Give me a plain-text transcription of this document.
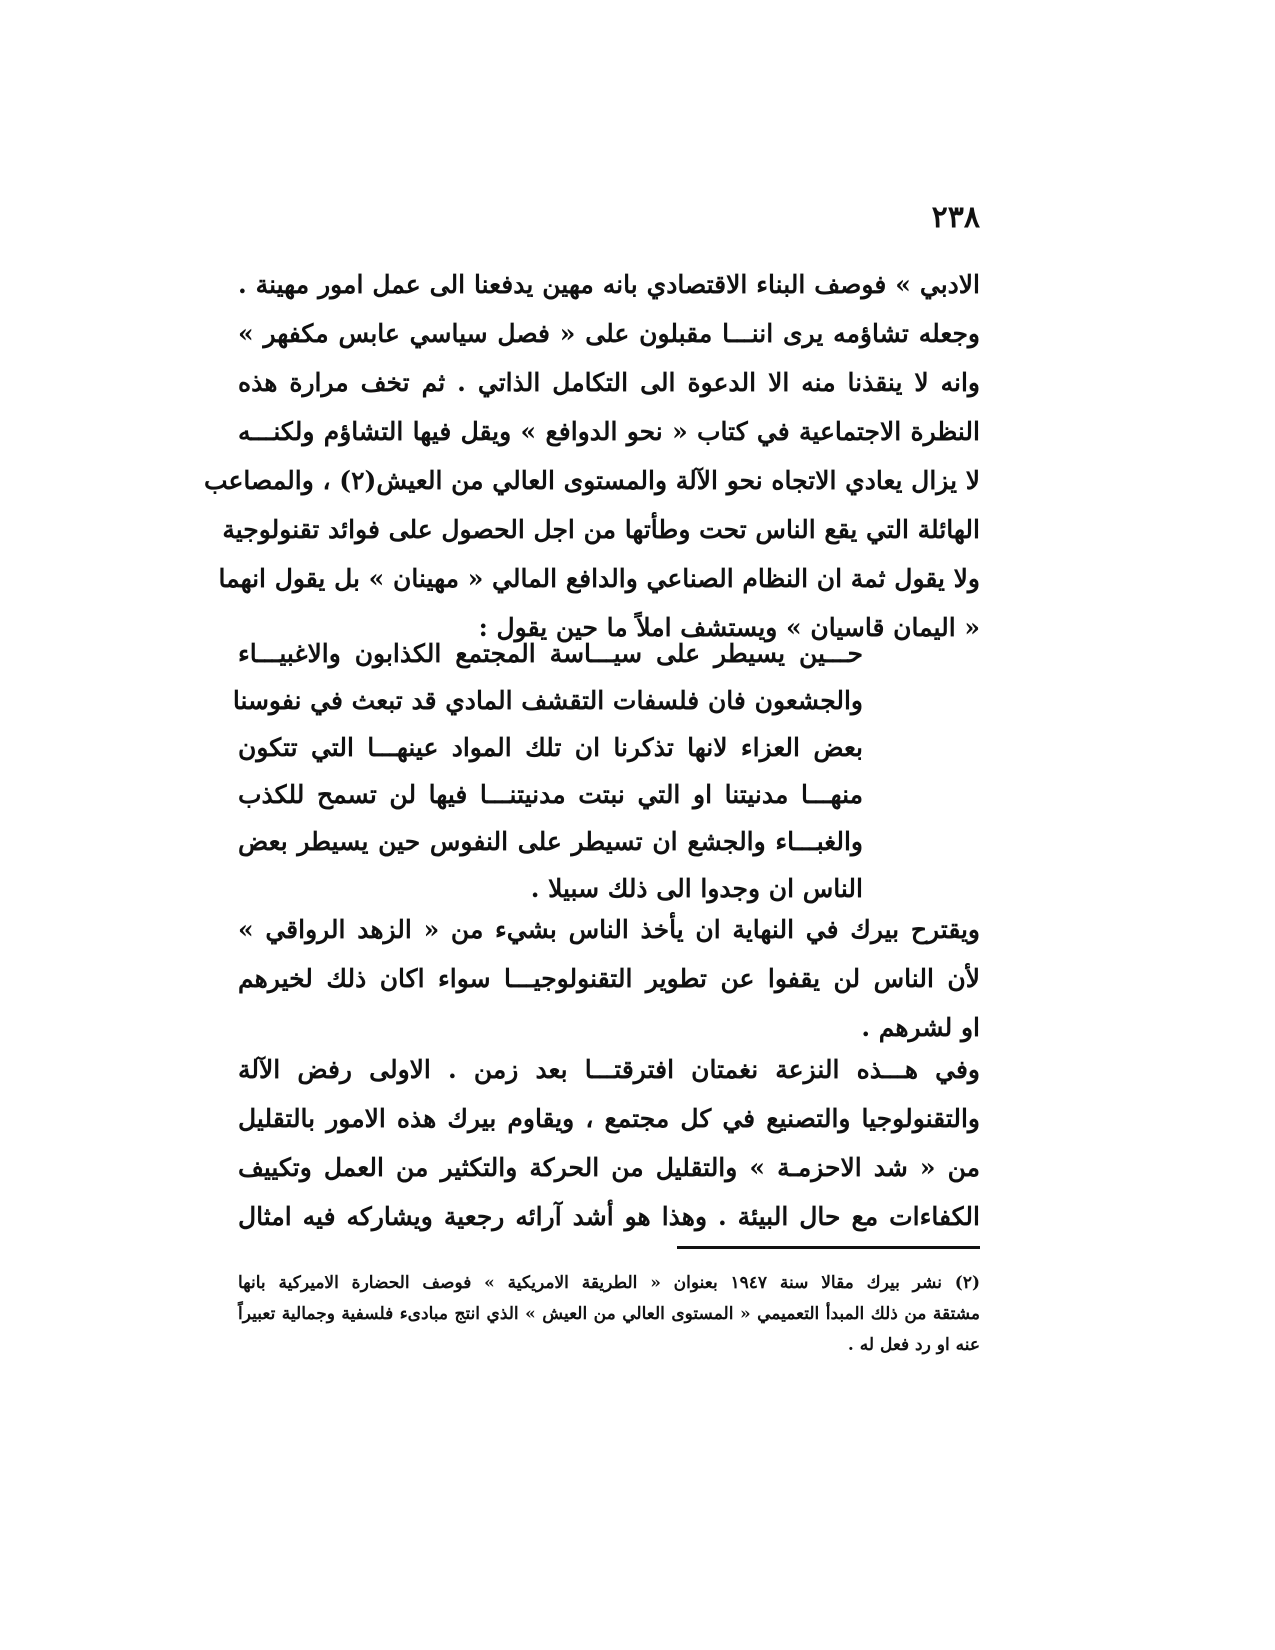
٢٣٨
الادبي » فوصف البناء الاقتصادي بانه مهين يدفعنا الى عمل امور مهينة .
وجعله تشاؤمه يرى اننـــا مقبلون على « فصل سياسي عابس مكفهر »
وانه لا ينقذنا منه الا الدعوة الى التكامل الذاتي . ثم تخف مرارة هذه
النظرة الاجتماعية في كتاب « نحو الدوافع » ويقل فيها التشاؤم ولكنـــه
لا يزال يعادي الاتجاه نحو الآلة والمستوى العالي من العيش(٢) ، والمصاعب
الهائلة التي يقع الناس تحت وطأتها من اجل الحصول على فوائد تقنولوجية
ولا يقول ثمة ان النظام الصناعي والدافع المالي « مهينان » بل يقول انهما
« اليمان قاسيان » ويستشف املاً ما حين يقول :
حـــين يسيطر على سيـــاسة المجتمع الكذابون والاغبيـــاء
والجشعون فان فلسفات التقشف المادي قد تبعث في نفوسنا
بعض العزاء لانها تذكرنا ان تلك المواد عينهـــا التي تتكون
منهـــا مدنيتنا او التي نبتت مدنيتنـــا فيها لن تسمح للكذب
والغبـــاء والجشع ان تسيطر على النفوس حين يسيطر بعض
الناس ان وجدوا الى ذلك سبيلا .
ويقترح بيرك في النهاية ان يأخذ الناس بشيء من « الزهد الرواقي »
لأن الناس لن يقفوا عن تطوير التقنولوجيـــا سواء اكان ذلك لخيرهم
او لشرهم .
وفي هـــذه النزعة نغمتان افترقتـــا بعد زمن . الاولى رفض الآلة
والتقنولوجيا والتصنيع في كل مجتمع ، ويقاوم بيرك هذه الامور بالتقليل
من « شد الاحزمـة » والتقليل من الحركة والتكثير من العمل وتكييف
الكفاءات مع حال البيئة . وهذا هو أشد آرائه رجعية ويشاركه فيه امثال
(٢) نشر بيرك مقالا سنة ١٩٤٧ بعنوان « الطريقة الامريكية » فوصف الحضارة الاميركية بانها
مشتقة من ذلك المبدأ التعميمي « المستوى العالي من العيش » الذي انتج مبادىء فلسفية وجمالية تعبيراً
عنه او رد فعل له .
